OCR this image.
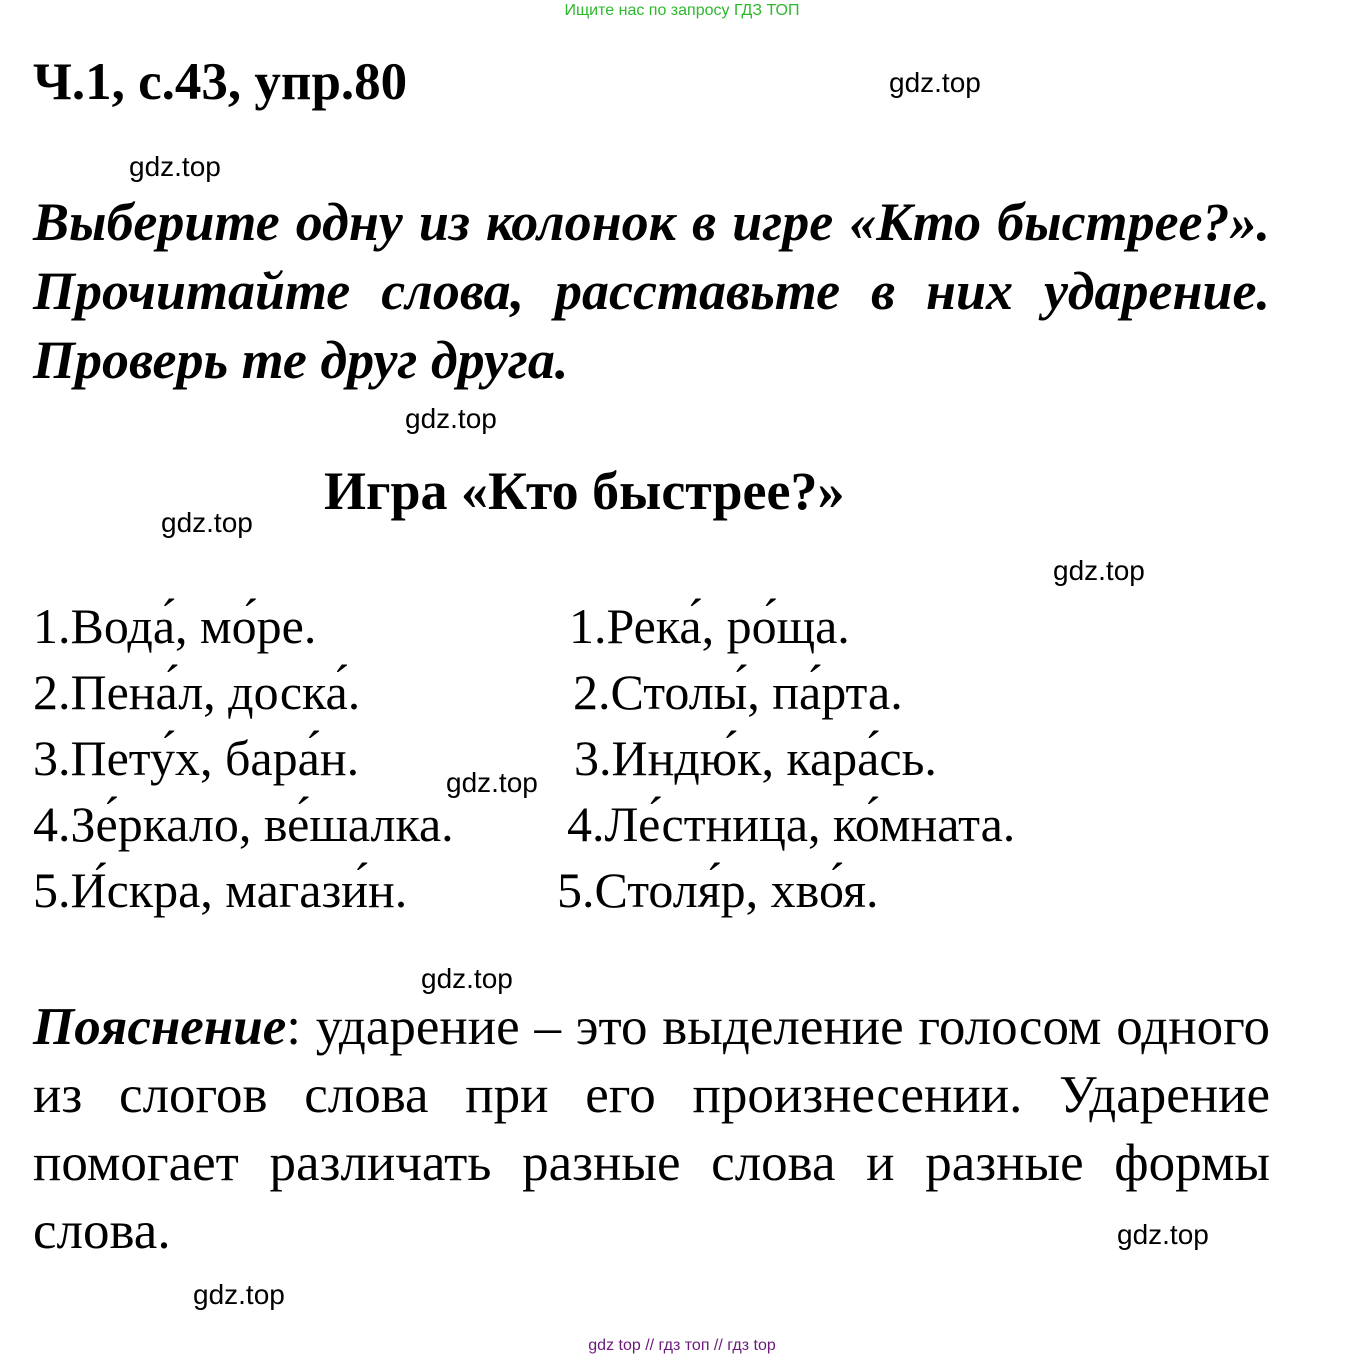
Ищите нас по запросу ГДЗ ТОП
Ч.1, с.43, упр.80	gdz.top
gdz.top
Выберите одну из колонок в игре «Кто быстрее?». Прочитайте слова, расставьте в них ударение. Проверь те друг друга.
gdz.top
Игра «Кто быстрее?»
gdz.top
gdz.top
1.Вода́, мо́ре.
2.Пена́л, доска́.
3.Пету́х, бара́н.
4.Зе́ркало, ве́шалка.
5.И́скра, магази́н.
1.Река́, ро́ща.
2.Столы́, па́рта.
3.Индю́к, кара́сь.
4.Ле́стница, ко́мната.
5.Столя́р, хво́я.
gdz.top
gdz.top
Пояснение: ударение – это выделение голосом одного из слогов слова при его произнесении. Ударение помогает различать разные слова и разные формы слова.	gdz.top
gdz.top
gdz top // гдз топ // гдз top
